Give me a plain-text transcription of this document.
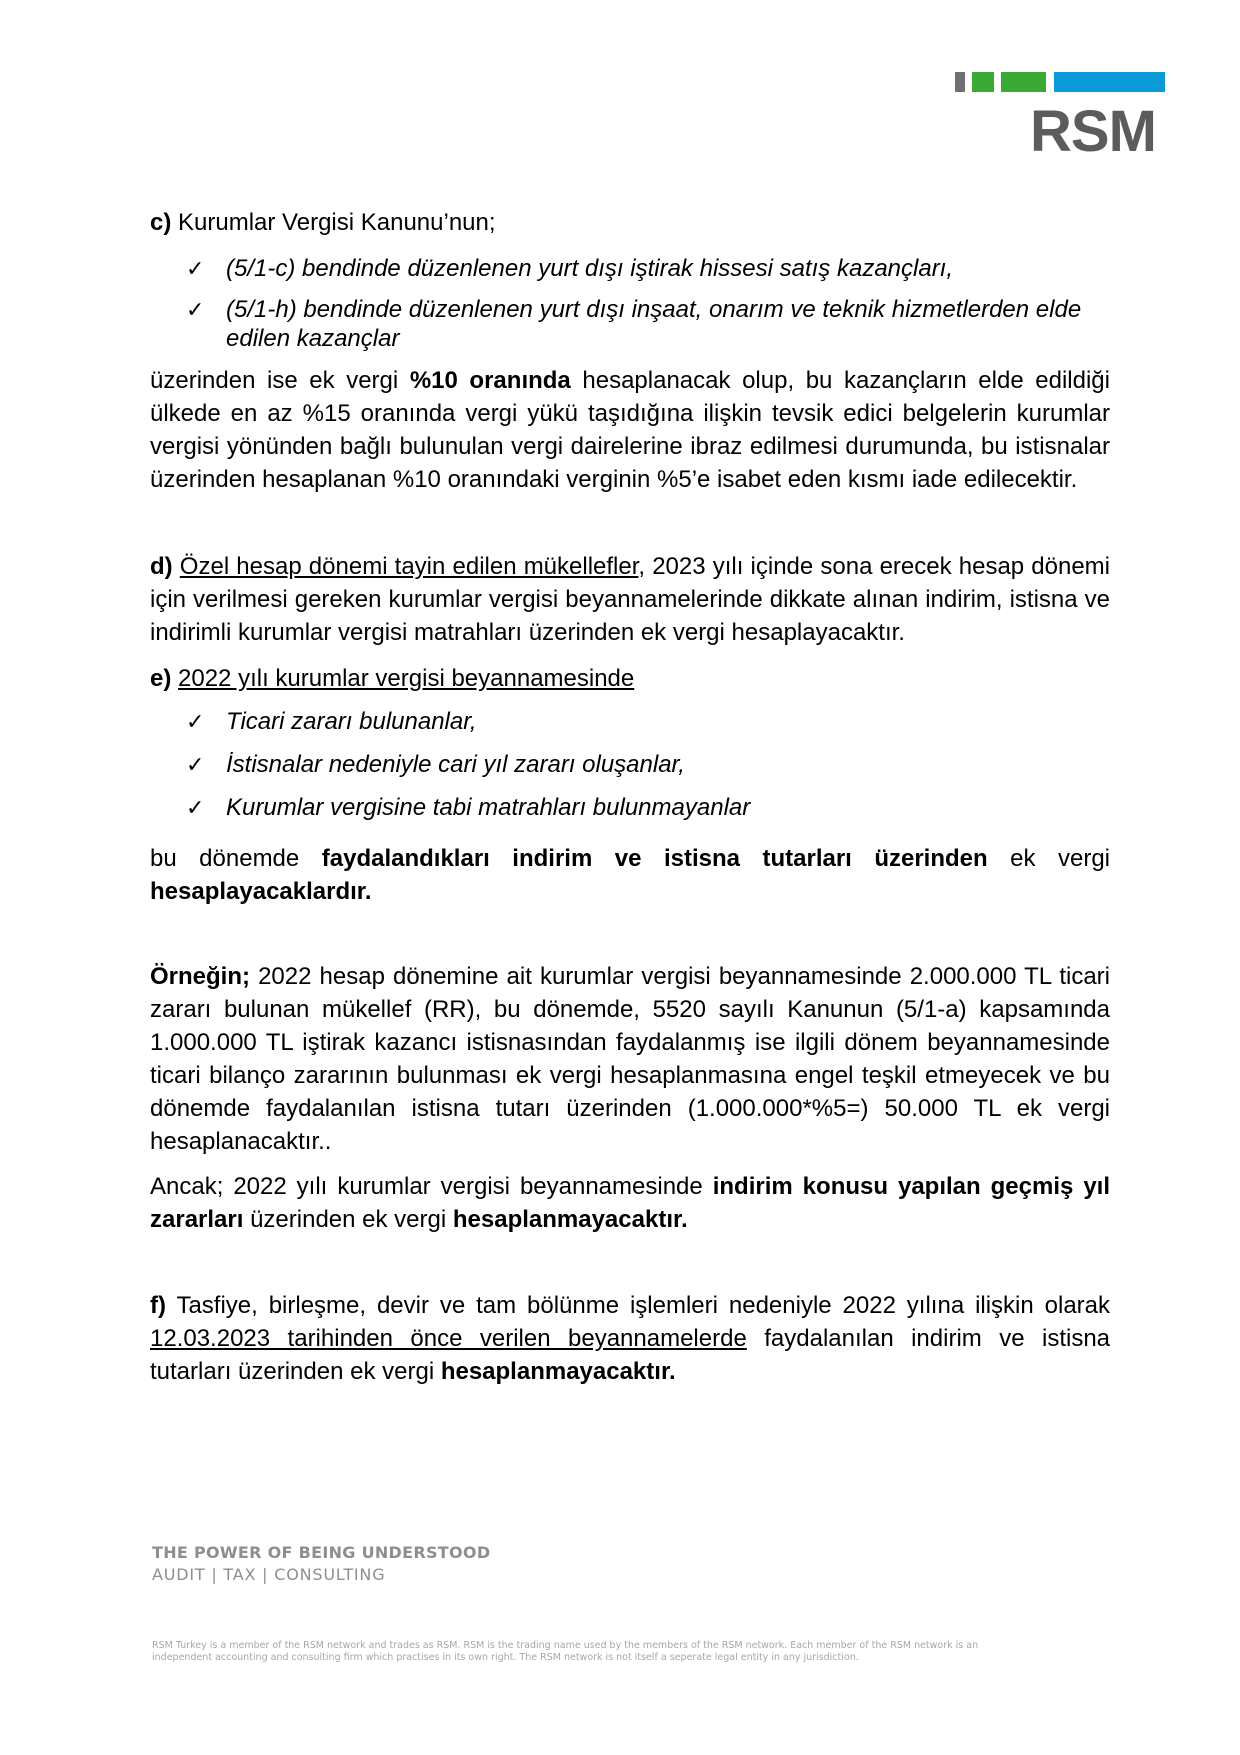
RSM

c) Kurumlar Vergisi Kanunu’nun;

✓ (5/1-c) bendinde düzenlenen yurt dışı iştirak hissesi satış kazançları,
✓ (5/1-h) bendinde düzenlenen yurt dışı inşaat, onarım ve teknik hizmetlerden elde edilen kazançlar

üzerinden ise ek vergi %10 oranında hesaplanacak olup, bu kazançların elde edildiği ülkede en az %15 oranında vergi yükü taşıdığına ilişkin tevsik edici belgelerin kurumlar vergisi yönünden bağlı bulunulan vergi dairelerine ibraz edilmesi durumunda, bu istisnalar üzerinden hesaplanan %10 oranındaki verginin %5’e isabet eden kısmı iade edilecektir.

d) Özel hesap dönemi tayin edilen mükellefler, 2023 yılı içinde sona erecek hesap dönemi için verilmesi gereken kurumlar vergisi beyannamelerinde dikkate alınan indirim, istisna ve indirimli kurumlar vergisi matrahları üzerinden ek vergi hesaplayacaktır.

e) 2022 yılı kurumlar vergisi beyannamesinde

✓ Ticari zararı bulunanlar,
✓ İstisnalar nedeniyle cari yıl zararı oluşanlar,
✓ Kurumlar vergisine tabi matrahları bulunmayanlar

bu dönemde faydalandıkları indirim ve istisna tutarları üzerinden ek vergi hesaplayacaklardır.

Örneğin; 2022 hesap dönemine ait kurumlar vergisi beyannamesinde 2.000.000 TL ticari zararı bulunan mükellef (RR), bu dönemde, 5520 sayılı Kanunun (5/1-a) kapsamında 1.000.000 TL iştirak kazancı istisnasından faydalanmış ise ilgili dönem beyannamesinde ticari bilanço zararının bulunması ek vergi hesaplanmasına engel teşkil etmeyecek ve bu dönemde faydalanılan istisna tutarı üzerinden (1.000.000*%5=) 50.000 TL ek vergi hesaplanacaktır..

Ancak; 2022 yılı kurumlar vergisi beyannamesinde indirim konusu yapılan geçmiş yıl zararları üzerinden ek vergi hesaplanmayacaktır.

f) Tasfiye, birleşme, devir ve tam bölünme işlemleri nedeniyle 2022 yılına ilişkin olarak 12.03.2023 tarihinden önce verilen beyannamelerde faydalanılan indirim ve istisna tutarları üzerinden ek vergi hesaplanmayacaktır.

THE POWER OF BEING UNDERSTOOD
AUDIT | TAX | CONSULTING
RSM Turkey is a member of the RSM network and trades as RSM. RSM is the trading name used by the members of the RSM network. Each member of the RSM network is an independent accounting and consulting firm which practises in its own right. The RSM network is not itself a seperate legal entity in any jurisdiction.
